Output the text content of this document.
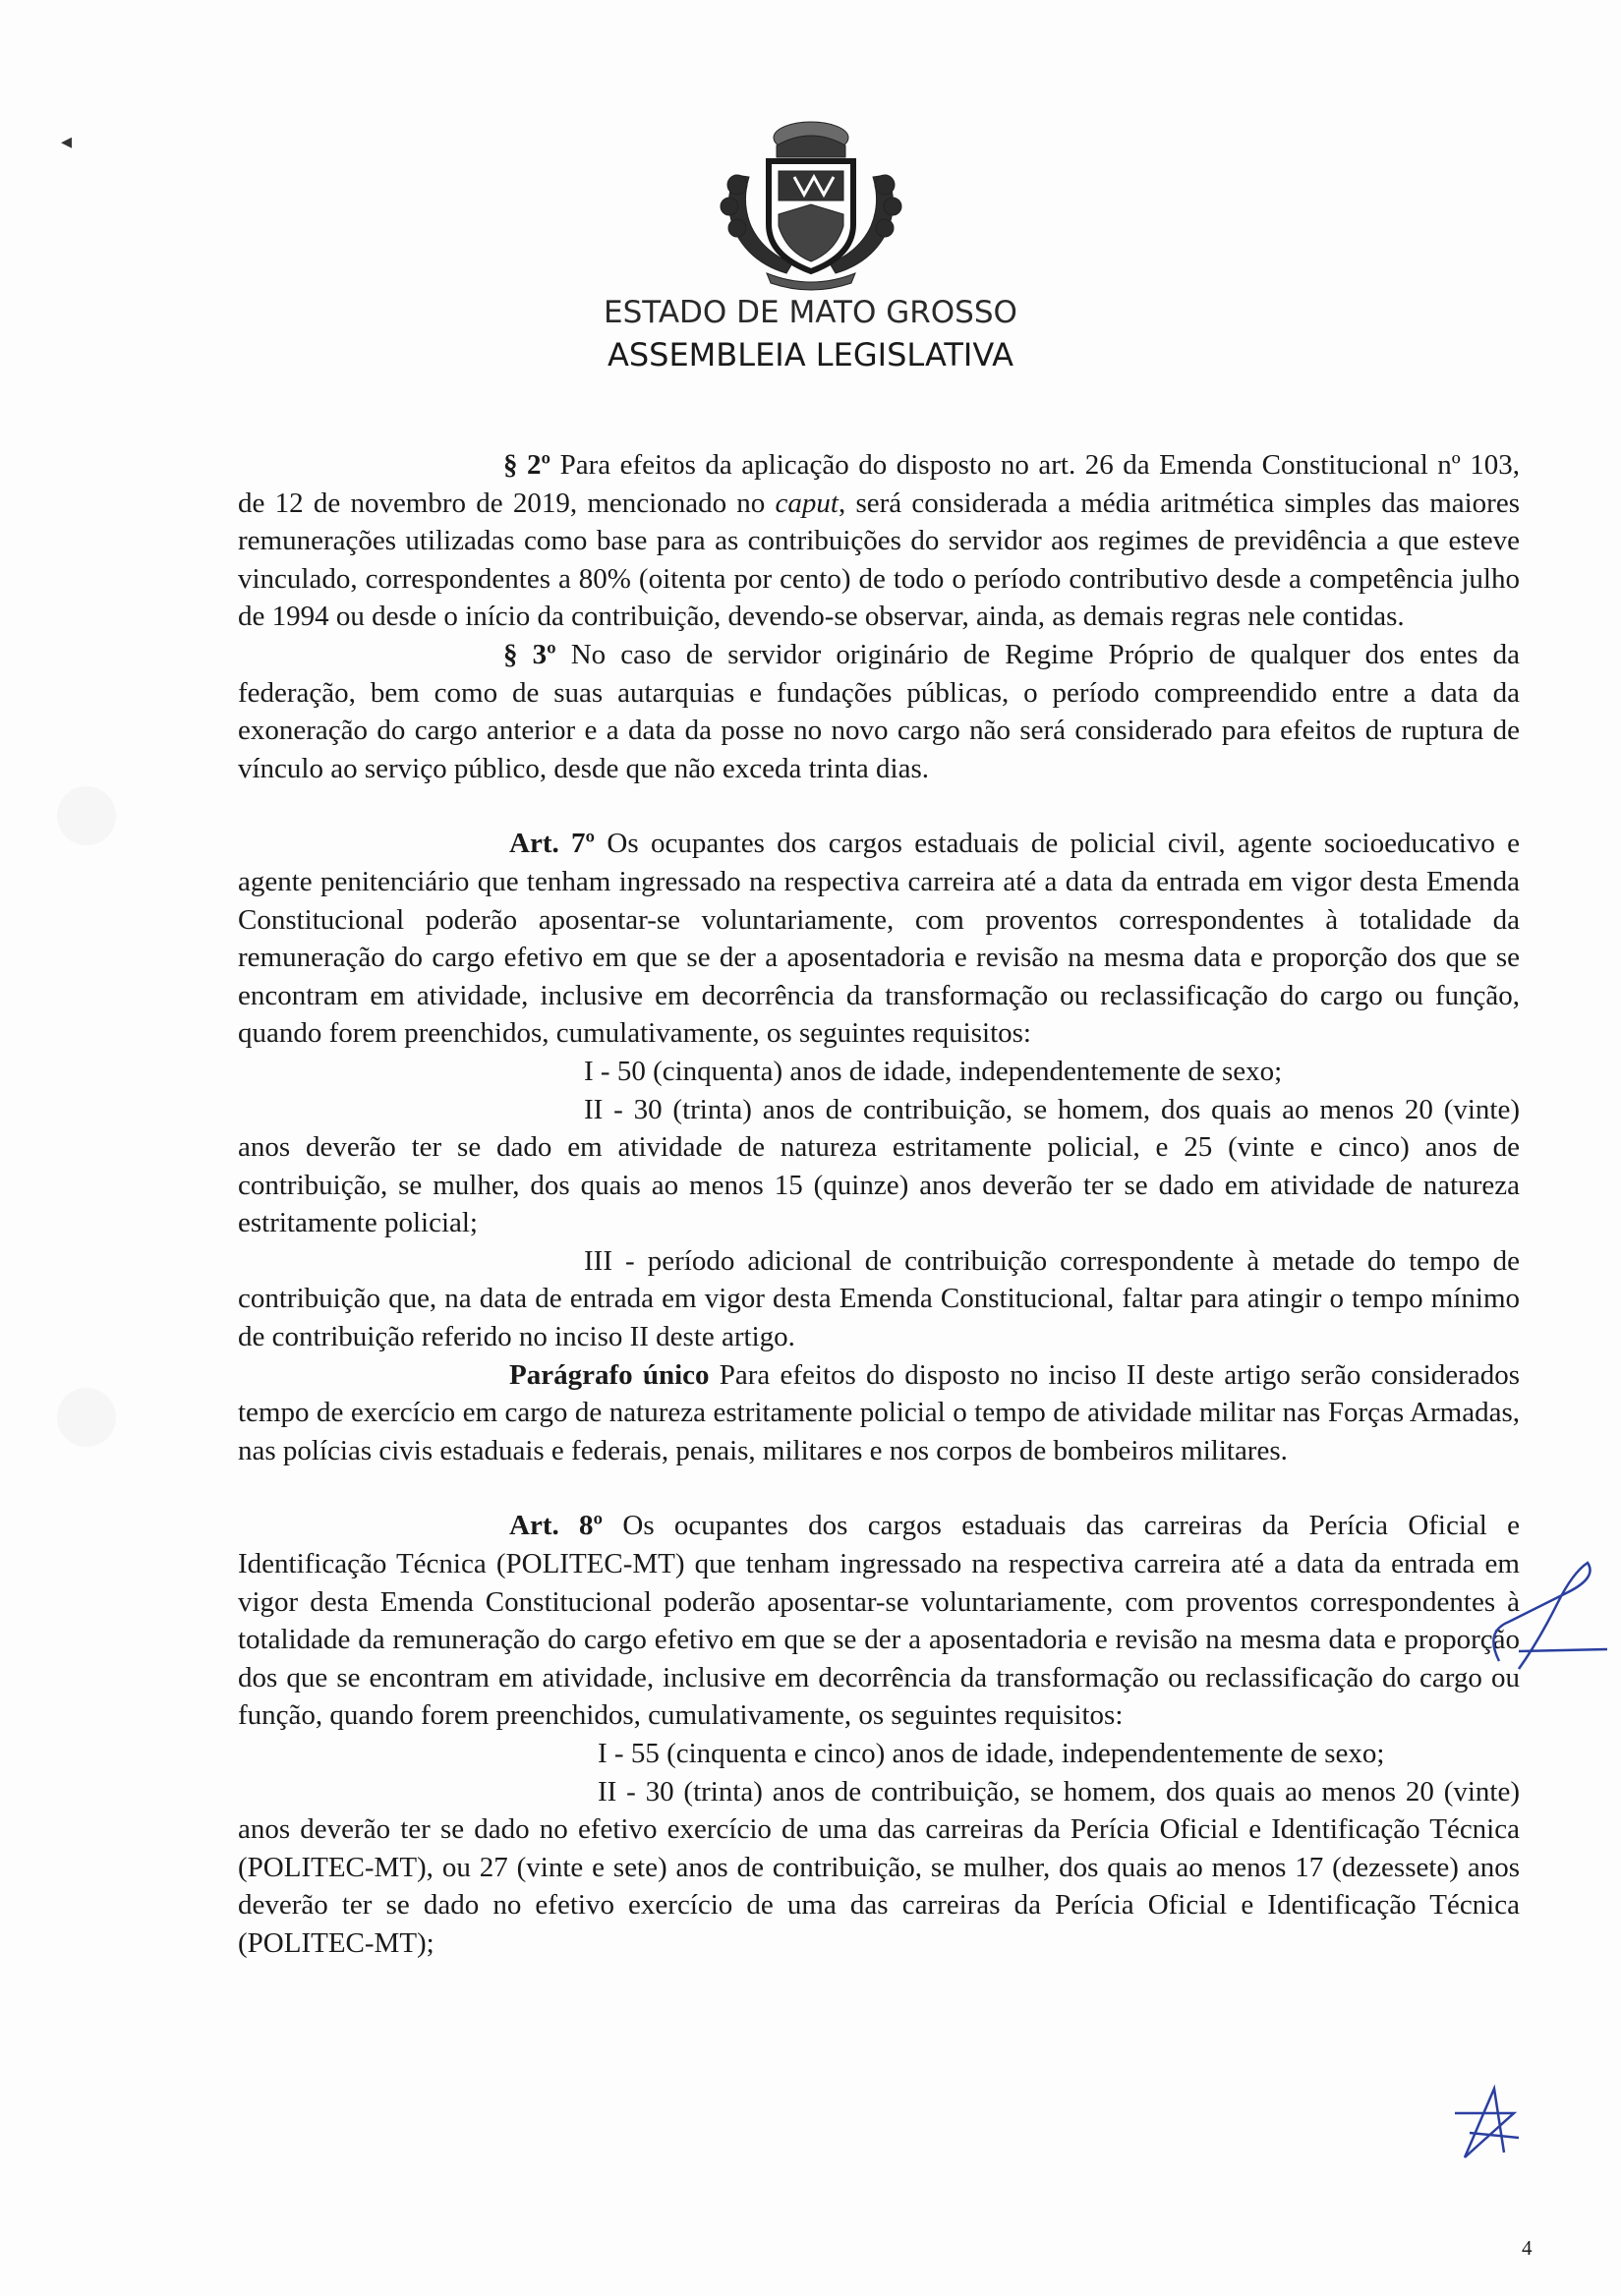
◂
ESTADO DE MATO GROSSO
ASSEMBLEIA LEGISLATIVA

§ 2º Para efeitos da aplicação do disposto no art. 26 da Emenda Constitucional nº 103, de 12 de novembro de 2019, mencionado no caput, será considerada a média aritmética simples das maiores remunerações utilizadas como base para as contribuições do servidor aos regimes de previdência a que esteve vinculado, correspondentes a 80% (oitenta por cento) de todo o período contributivo desde a competência julho de 1994 ou desde o início da contribuição, devendo-se observar, ainda, as demais regras nele contidas.

§ 3º No caso de servidor originário de Regime Próprio de qualquer dos entes da federação, bem como de suas autarquias e fundações públicas, o período compreendido entre a data da exoneração do cargo anterior e a data da posse no novo cargo não será considerado para efeitos de ruptura de vínculo ao serviço público, desde que não exceda trinta dias.

Art. 7º Os ocupantes dos cargos estaduais de policial civil, agente socioeducativo e agente penitenciário que tenham ingressado na respectiva carreira até a data da entrada em vigor desta Emenda Constitucional poderão aposentar-se voluntariamente, com proventos correspondentes à totalidade da remuneração do cargo efetivo em que se der a aposentadoria e revisão na mesma data e proporção dos que se encontram em atividade, inclusive em decorrência da transformação ou reclassificação do cargo ou função, quando forem preenchidos, cumulativamente, os seguintes requisitos:

I - 50 (cinquenta) anos de idade, independentemente de sexo;

II - 30 (trinta) anos de contribuição, se homem, dos quais ao menos 20 (vinte) anos deverão ter se dado em atividade de natureza estritamente policial, e 25 (vinte e cinco) anos de contribuição, se mulher, dos quais ao menos 15 (quinze) anos deverão ter se dado em atividade de natureza estritamente policial;

III - período adicional de contribuição correspondente à metade do tempo de contribuição que, na data de entrada em vigor desta Emenda Constitucional, faltar para atingir o tempo mínimo de contribuição referido no inciso II deste artigo.

Parágrafo único Para efeitos do disposto no inciso II deste artigo serão considerados tempo de exercício em cargo de natureza estritamente policial o tempo de atividade militar nas Forças Armadas, nas polícias civis estaduais e federais, penais, militares e nos corpos de bombeiros militares.

Art. 8º Os ocupantes dos cargos estaduais das carreiras da Perícia Oficial e Identificação Técnica (POLITEC-MT) que tenham ingressado na respectiva carreira até a data da entrada em vigor desta Emenda Constitucional poderão aposentar-se voluntariamente, com proventos correspondentes à totalidade da remuneração do cargo efetivo em que se der a aposentadoria e revisão na mesma data e proporção dos que se encontram em atividade, inclusive em decorrência da transformação ou reclassificação do cargo ou função, quando forem preenchidos, cumulativamente, os seguintes requisitos:

I - 55 (cinquenta e cinco) anos de idade, independentemente de sexo;

II - 30 (trinta) anos de contribuição, se homem, dos quais ao menos 20 (vinte) anos deverão ter se dado no efetivo exercício de uma das carreiras da Perícia Oficial e Identificação Técnica (POLITEC-MT), ou 27 (vinte e sete) anos de contribuição, se mulher, dos quais ao menos 17 (dezessete) anos deverão ter se dado no efetivo exercício de uma das carreiras da Perícia Oficial e Identificação Técnica (POLITEC-MT);

4
